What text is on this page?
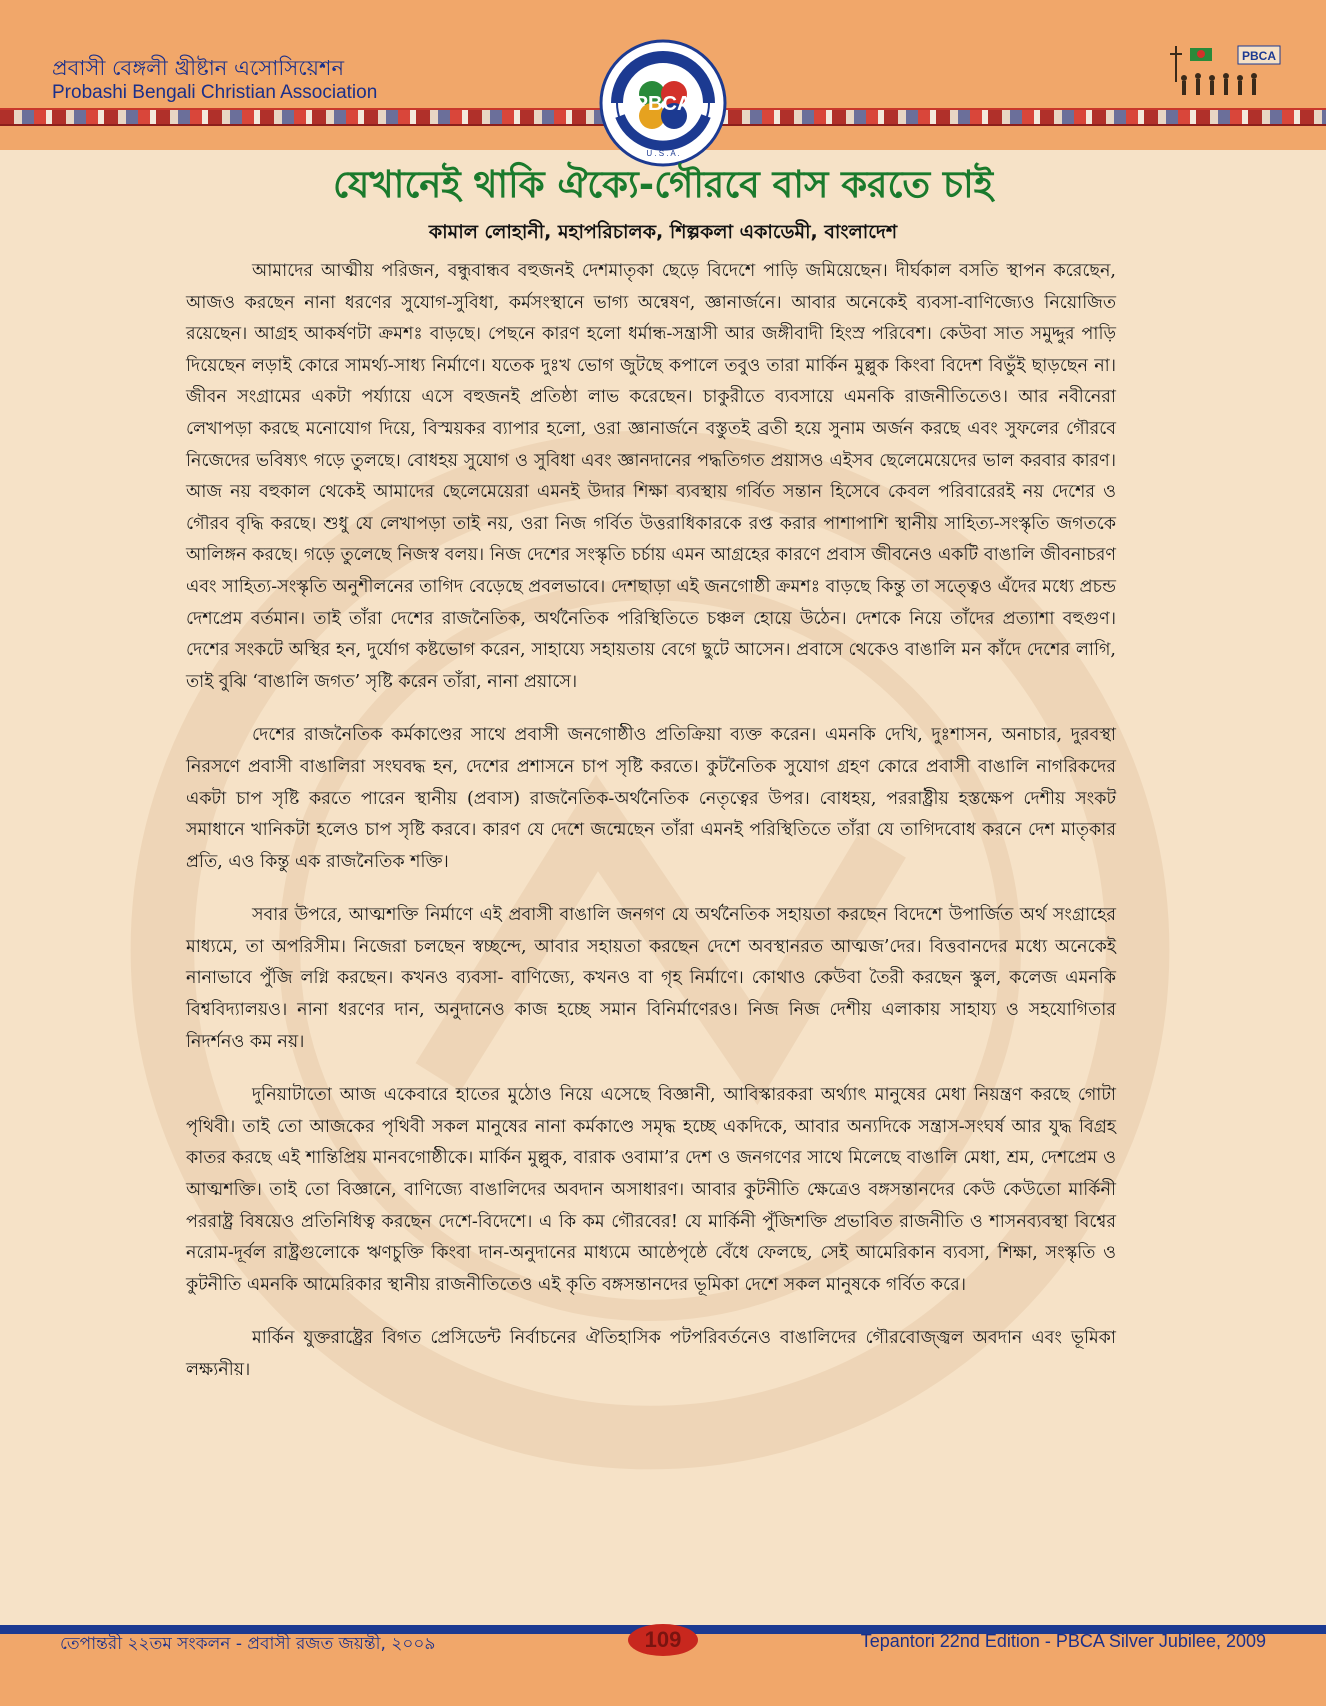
প্রবাসী বেঙ্গলী খ্রীষ্টান এসোসিয়েশন
Probashi Bengali Christian Association
PBCA
U . S . A .
PBCA
যেখানেই থাকি ঐক্যে-গৌরবে বাস করতে চাই
কামাল লোহানী, মহাপরিচালক, শিল্পকলা একাডেমী, বাংলাদেশ

আমাদের আত্মীয় পরিজন, বন্ধুবান্ধব বহুজনই দেশমাতৃকা ছেড়ে বিদেশে পাড়ি জমিয়েছেন। দীর্ঘকাল বসতি স্থাপন করেছেন, আজও করছেন নানা ধরণের সুযোগ-সুবিধা, কর্মসংস্থানে ভাগ্য অন্বেষণ, জ্ঞানার্জনে। আবার অনেকেই ব্যবসা-বাণিজ্যেও নিয়োজিত রয়েছেন। আগ্রহ আকর্ষণটা ক্রমশঃ বাড়ছে। পেছনে কারণ হলো ধর্মান্ধ-সন্ত্রাসী আর জঙ্গীবাদী হিংস্র পরিবেশ। কেউবা সাত সমুদ্দুর পাড়ি দিয়েছেন লড়াই কোরে সামর্থ্য-সাধ্য নির্মাণে। যতেক দুঃখ ভোগ জুটছে কপালে তবুও তারা মার্কিন মুল্লুক কিংবা বিদেশ বিভুঁই ছাড়ছেন না। জীবন সংগ্রামের একটা পর্য্যায়ে এসে বহুজনই প্রতিষ্ঠা লাভ করেছেন। চাকুরীতে ব্যবসায়ে এমনকি রাজনীতিতেও। আর নবীনেরা লেখাপড়া করছে মনোযোগ দিয়ে, বিস্ময়কর ব্যাপার হলো, ওরা জ্ঞানার্জনে বস্তুতই ব্রতী হয়ে সুনাম অর্জন করছে এবং সুফলের গৌরবে নিজেদের ভবিষ্যৎ গড়ে তুলছে। বোধহয় সুযোগ ও সুবিধা এবং জ্ঞানদানের পদ্ধতিগত প্রয়াসও এইসব ছেলেমেয়েদের ভাল করবার কারণ। আজ নয় বহুকাল থেকেই আমাদের ছেলেমেয়েরা এমনই উদার শিক্ষা ব্যবস্থায় গর্বিত সন্তান হিসেবে কেবল পরিবারেরই নয় দেশের ও গৌরব বৃদ্ধি করছে। শুধু যে লেখাপড়া তাই নয়, ওরা নিজ গর্বিত উত্তরাধিকারকে রপ্ত করার পাশাপাশি স্থানীয় সাহিত্য-সংস্কৃতি জগতকে আলিঙ্গন করছে। গড়ে তুলেছে নিজস্ব বলয়। নিজ দেশের সংস্কৃতি চর্চায় এমন আগ্রহের কারণে প্রবাস জীবনেও একটি বাঙালি জীবনাচরণ এবং সাহিত্য-সংস্কৃতি অনুশীলনের তাগিদ বেড়েছে প্রবলভাবে। দেশছাড়া এই জনগোষ্ঠী ক্রমশঃ বাড়ছে কিন্তু তা সত্ত্বেও এঁদের মধ্যে প্রচন্ড দেশপ্রেম বর্তমান। তাই তাঁরা দেশের রাজনৈতিক, অর্থনৈতিক পরিস্থিতিতে চঞ্চল হোয়ে উঠেন। দেশকে নিয়ে তাঁদের প্রত্যাশা বহুগুণ। দেশের সংকটে অস্থির হন, দুর্যোগ কষ্টভোগ করেন, সাহায্যে সহায়তায় বেগে ছুটে আসেন। প্রবাসে থেকেও বাঙালি মন কাঁদে দেশের লাগি, তাই বুঝি ‘বাঙালি জগত’ সৃষ্টি করেন তাঁরা, নানা প্রয়াসে।

দেশের রাজনৈতিক কর্মকাণ্ডের সাথে প্রবাসী জনগোষ্ঠীও প্রতিক্রিয়া ব্যক্ত করেন। এমনকি দেখি, দুঃশাসন, অনাচার, দুরবস্থা নিরসণে প্রবাসী বাঙালিরা সংঘবদ্ধ হন, দেশের প্রশাসনে চাপ সৃষ্টি করতে। কুটনৈতিক সুযোগ গ্রহণ কোরে প্রবাসী বাঙালি নাগরিকদের একটা চাপ সৃষ্টি করতে পারেন স্থানীয় (প্রবাস) রাজনৈতিক-অর্থনৈতিক নেতৃত্বের উপর। বোধহয়, পররাষ্ট্রীয় হস্তক্ষেপ দেশীয় সংকট সমাধানে খানিকটা হলেও চাপ সৃষ্টি করবে। কারণ যে দেশে জন্মেছেন তাঁরা এমনই পরিস্থিতিতে তাঁরা যে তাগিদবোধ করনে দেশ মাতৃকার প্রতি, এও কিন্তু এক রাজনৈতিক শক্তি।

সবার উপরে, আত্মশক্তি নির্মাণে এই প্রবাসী বাঙালি জনগণ যে অর্থনৈতিক সহায়তা করছেন বিদেশে উপার্জিত অর্থ সংগ্রাহের মাধ্যমে, তা অপরিসীম। নিজেরা চলছেন স্বচ্ছন্দে, আবার সহায়তা করছেন দেশে অবস্থানরত আত্মজ’দের। বিত্তবানদের মধ্যে অনেকেই নানাভাবে পুঁজি লগ্নি করছেন। কখনও ব্যবসা- বাণিজ্যে, কখনও বা গৃহ নির্মাণে। কোথাও কেউবা তৈরী করছেন স্কুল, কলেজ এমনকি বিশ্ববিদ্যালয়ও। নানা ধরণের দান, অনুদানেও কাজ হচ্ছে সমান বিনির্মাণেরও। নিজ নিজ দেশীয় এলাকায় সাহায্য ও সহযোগিতার নিদর্শনও কম নয়।

দুনিয়াটাতো আজ একেবারে হাতের মুঠোও নিয়ে এসেছে বিজ্ঞানী, আবিস্কারকরা অর্থ্যাৎ মানুষের মেধা নিয়ন্ত্রণ করছে গোটা পৃথিবী। তাই তো আজকের পৃথিবী সকল মানুষের নানা কর্মকাণ্ডে সমৃদ্ধ হচ্ছে একদিকে, আবার অন্যদিকে সন্ত্রাস-সংঘর্ষ আর যুদ্ধ বিগ্রহ কাতর করছে এই শান্তিপ্রিয় মানবগোষ্ঠীকে। মার্কিন মুল্লুক, বারাক ওবামা’র দেশ ও জনগণের সাথে মিলেছে বাঙালি মেধা, শ্রম, দেশপ্রেম ও আত্মশক্তি। তাই তো বিজ্ঞানে, বাণিজ্যে বাঙালিদের অবদান অসাধারণ। আবার কুটনীতি ক্ষেত্রেও বঙ্গসন্তানদের কেউ কেউতো মার্কিনী পররাষ্ট্র বিষয়েও প্রতিনিধিত্ব করছেন দেশে-বিদেশে। এ কি কম গৌরবের! যে মার্কিনী পুঁজিশক্তি প্রভাবিত রাজনীতি ও শাসনব্যবস্থা বিশ্বের নরোম-দূর্বল রাষ্ট্রগুলোকে ঋণচুক্তি কিংবা দান-অনুদানের মাধ্যমে আষ্ঠেপৃষ্ঠে বেঁধে ফেলছে, সেই আমেরিকান ব্যবসা, শিক্ষা, সংস্কৃতি ও কুটনীতি এমনকি আমেরিকার স্থানীয় রাজনীতিতেও এই কৃতি বঙ্গসন্তানদের ভূমিকা দেশে সকল মানুষকে গর্বিত করে।

মার্কিন যুক্তরাষ্ট্রের বিগত প্রেসিডেন্ট নির্বাচনের ঐতিহাসিক পটপরিবর্তনেও বাঙালিদের গৌরবোজ্জ্বল অবদান এবং ভূমিকা লক্ষ্যনীয়।

তেপান্তরী ২২তম সংকলন - প্রবাসী রজত জয়ন্তী, ২০০৯	109	Tepantori 22nd Edition - PBCA Silver Jubilee, 2009
